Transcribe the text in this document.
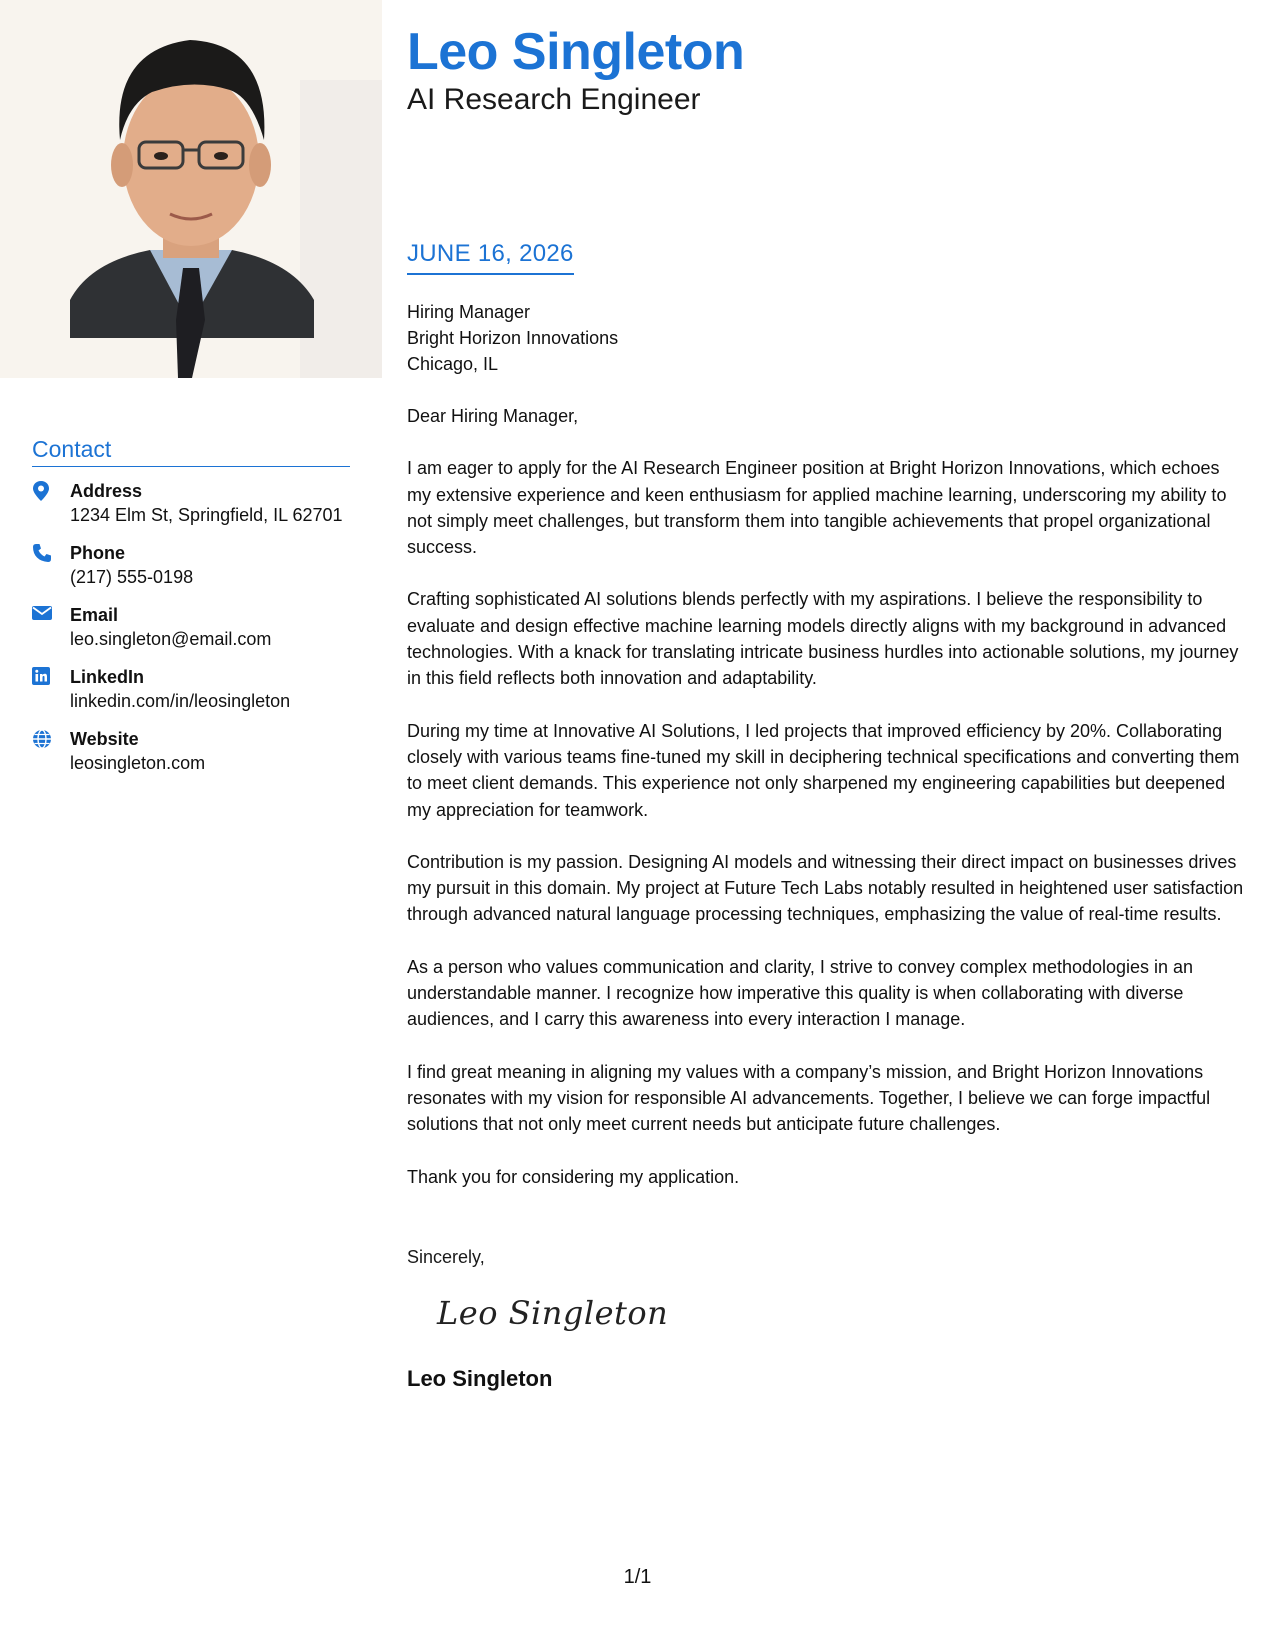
Contact
Address
1234 Elm St, Springfield, IL 62701
Phone
(217) 555-0198
Email
leo.singleton@email.com
LinkedIn
linkedin.com/in/leosingleton
Website
leosingleton.com
Leo Singleton
AI Research Engineer
JUNE 16, 2026
Hiring Manager
Bright Horizon Innovations
Chicago, IL

Dear Hiring Manager,

I am eager to apply for the AI Research Engineer position at Bright Horizon Innovations, which echoes my extensive experience and keen enthusiasm for applied machine learning, underscoring my ability to not simply meet challenges, but transform them into tangible achievements that propel organizational success.

Crafting sophisticated AI solutions blends perfectly with my aspirations. I believe the responsibility to evaluate and design effective machine learning models directly aligns with my background in advanced technologies. With a knack for translating intricate business hurdles into actionable solutions, my journey in this field reflects both innovation and adaptability.

During my time at Innovative AI Solutions, I led projects that improved efficiency by 20%. Collaborating closely with various teams fine-tuned my skill in deciphering technical specifications and converting them to meet client demands. This experience not only sharpened my engineering capabilities but deepened my appreciation for teamwork.

Contribution is my passion. Designing AI models and witnessing their direct impact on businesses drives my pursuit in this domain. My project at Future Tech Labs notably resulted in heightened user satisfaction through advanced natural language processing techniques, emphasizing the value of real-time results.

As a person who values communication and clarity, I strive to convey complex methodologies in an understandable manner. I recognize how imperative this quality is when collaborating with diverse audiences, and I carry this awareness into every interaction I manage.

I find great meaning in aligning my values with a company’s mission, and Bright Horizon Innovations resonates with my vision for responsible AI advancements. Together, I believe we can forge impactful solutions that not only meet current needs but anticipate future challenges.

Thank you for considering my application.

Sincerely,
Leo Singleton
Leo Singleton
1/1
